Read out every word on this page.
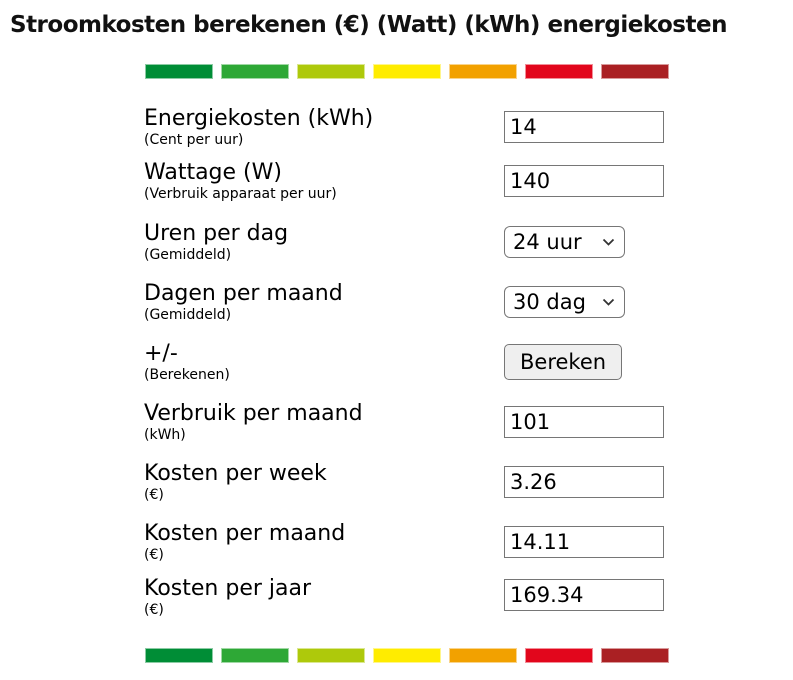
Stroomkosten berekenen (€) (Watt) (kWh) energiekosten
Energiekosten (kWh)
(Cent per uur)
14
Wattage (W)
(Verbruik apparaat per uur)
140
Uren per dag
(Gemiddeld)
24 uur
Dagen per maand
(Gemiddeld)
30 dag
+/-
(Berekenen)
Bereken
Verbruik per maand
(kWh)
101
Kosten per week
(€)
3.26
Kosten per maand
(€)
14.11
Kosten per jaar
(€)
169.34
